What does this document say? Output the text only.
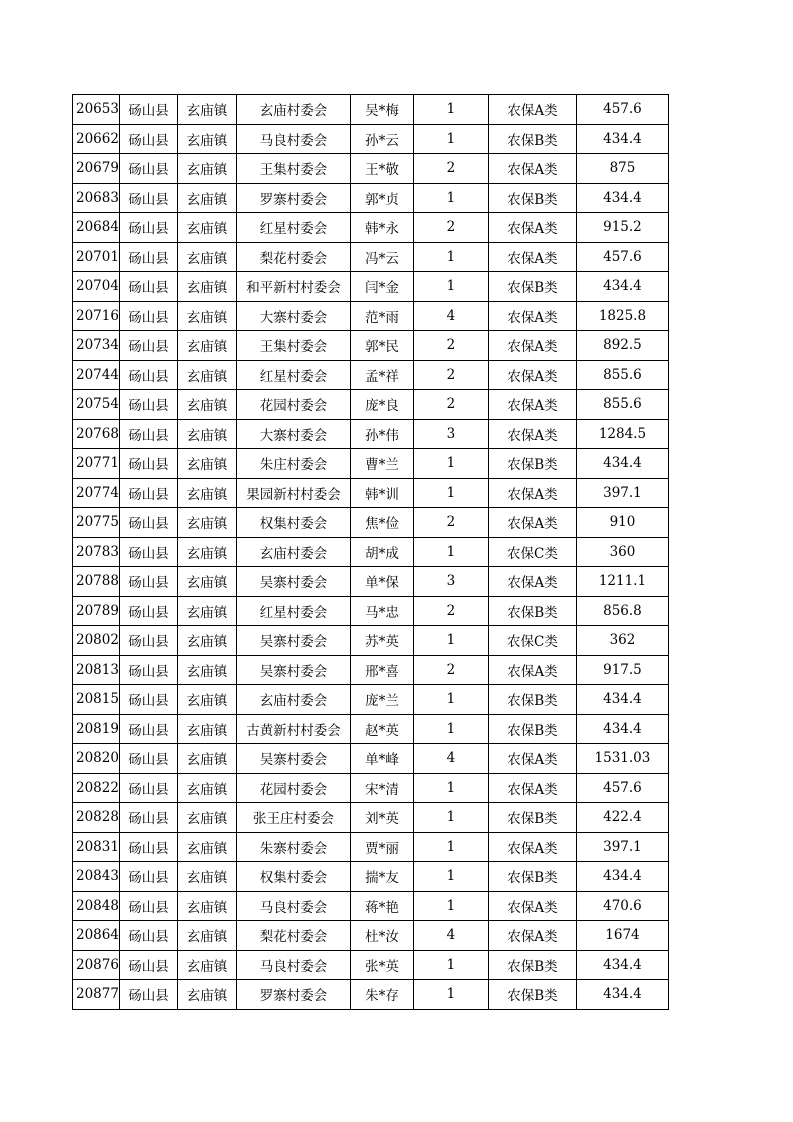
20653	砀山县	玄庙镇	玄庙村委会	吴*梅	1	农保A类	457.6
20662	砀山县	玄庙镇	马良村委会	孙*云	1	农保B类	434.4
20679	砀山县	玄庙镇	王集村委会	王*敬	2	农保A类	875
20683	砀山县	玄庙镇	罗寨村委会	郭*贞	1	农保B类	434.4
20684	砀山县	玄庙镇	红星村委会	韩*永	2	农保A类	915.2
20701	砀山县	玄庙镇	梨花村委会	冯*云	1	农保A类	457.6
20704	砀山县	玄庙镇	和平新村村委会	闫*金	1	农保B类	434.4
20716	砀山县	玄庙镇	大寨村委会	范*雨	4	农保A类	1825.8
20734	砀山县	玄庙镇	王集村委会	郭*民	2	农保A类	892.5
20744	砀山县	玄庙镇	红星村委会	孟*祥	2	农保A类	855.6
20754	砀山县	玄庙镇	花园村委会	庞*良	2	农保A类	855.6
20768	砀山县	玄庙镇	大寨村委会	孙*伟	3	农保A类	1284.5
20771	砀山县	玄庙镇	朱庄村委会	曹*兰	1	农保B类	434.4
20774	砀山县	玄庙镇	果园新村村委会	韩*训	1	农保A类	397.1
20775	砀山县	玄庙镇	权集村委会	焦*俭	2	农保A类	910
20783	砀山县	玄庙镇	玄庙村委会	胡*成	1	农保C类	360
20788	砀山县	玄庙镇	吴寨村委会	单*保	3	农保A类	1211.1
20789	砀山县	玄庙镇	红星村委会	马*忠	2	农保B类	856.8
20802	砀山县	玄庙镇	吴寨村委会	苏*英	1	农保C类	362
20813	砀山县	玄庙镇	吴寨村委会	邢*喜	2	农保A类	917.5
20815	砀山县	玄庙镇	玄庙村委会	庞*兰	1	农保B类	434.4
20819	砀山县	玄庙镇	古黄新村村委会	赵*英	1	农保B类	434.4
20820	砀山县	玄庙镇	吴寨村委会	单*峰	4	农保A类	1531.03
20822	砀山县	玄庙镇	花园村委会	宋*清	1	农保A类	457.6
20828	砀山县	玄庙镇	张王庄村委会	刘*英	1	农保B类	422.4
20831	砀山县	玄庙镇	朱寨村委会	贾*丽	1	农保A类	397.1
20843	砀山县	玄庙镇	权集村委会	揣*友	1	农保B类	434.4
20848	砀山县	玄庙镇	马良村委会	蒋*艳	1	农保A类	470.6
20864	砀山县	玄庙镇	梨花村委会	杜*汝	4	农保A类	1674
20876	砀山县	玄庙镇	马良村委会	张*英	1	农保B类	434.4
20877	砀山县	玄庙镇	罗寨村委会	朱*存	1	农保B类	434.4
